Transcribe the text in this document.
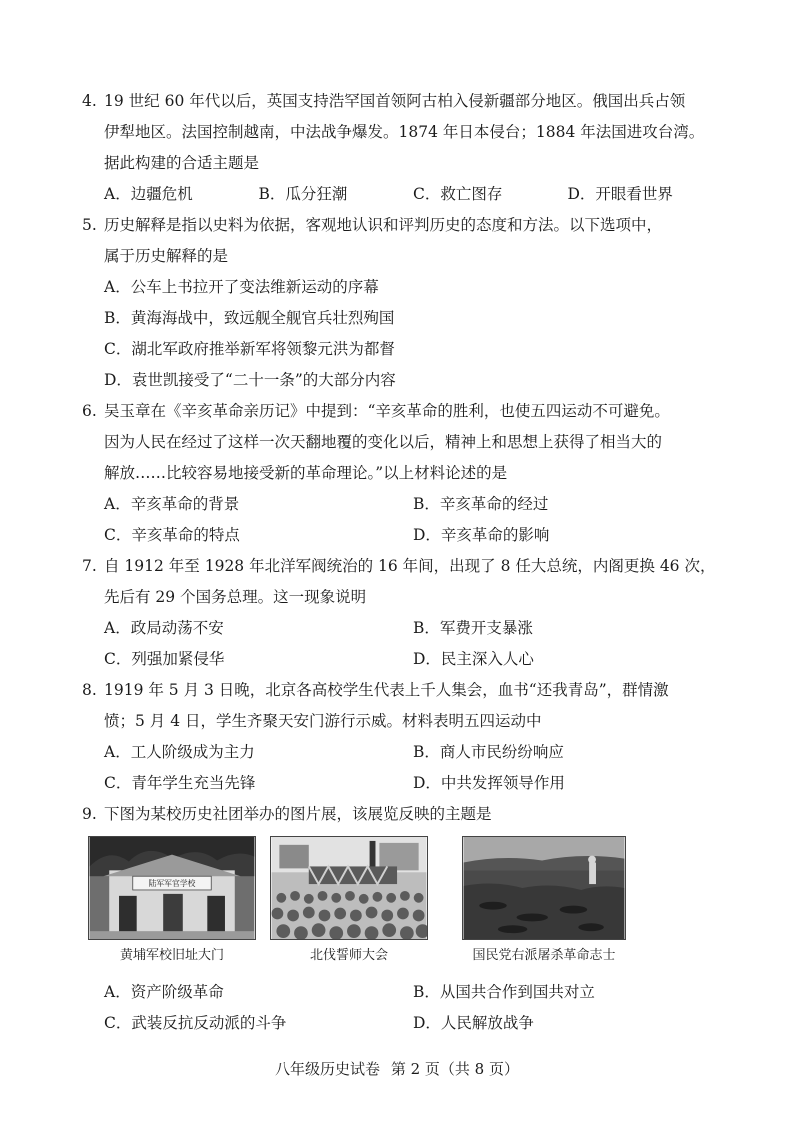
4. 19 世纪 60 年代以后，英国支持浩罕国首领阿古柏入侵新疆部分地区。俄国出兵占领
伊犁地区。法国控制越南，中法战争爆发。1874 年日本侵台；1884 年法国进攻台湾。
据此构建的合适主题是
A．边疆危机	B．瓜分狂潮	C．救亡图存	D．开眼看世界
5. 历史解释是指以史料为依据，客观地认识和评判历史的态度和方法。以下选项中，
属于历史解释的是
A．公车上书拉开了变法维新运动的序幕
B．黄海海战中，致远舰全舰官兵壮烈殉国
C．湖北军政府推举新军将领黎元洪为都督
D．袁世凯接受了“二十一条”的大部分内容
6. 吴玉章在《辛亥革命亲历记》中提到：“辛亥革命的胜利，也使五四运动不可避免。
因为人民在经过了这样一次天翻地覆的变化以后，精神上和思想上获得了相当大的
解放……比较容易地接受新的革命理论。”以上材料论述的是
A．辛亥革命的背景	B．辛亥革命的经过
C．辛亥革命的特点	D．辛亥革命的影响
7. 自 1912 年至 1928 年北洋军阀统治的 16 年间，出现了 8 任大总统，内阁更换 46 次，
先后有 29 个国务总理。这一现象说明
A．政局动荡不安	B．军费开支暴涨
C．列强加紧侵华	D．民主深入人心
8. 1919 年 5 月 3 日晚，北京各高校学生代表上千人集会，血书“还我青岛”，群情激
愤；5 月 4 日，学生齐聚天安门游行示威。材料表明五四运动中
A．工人阶级成为主力	B．商人市民纷纷响应
C．青年学生充当先锋	D．中共发挥领导作用
9. 下图为某校历史社团举办的图片展，该展览反映的主题是
陆军军官学校
黄埔军校旧址大门	北伐誓师大会	国民党右派屠杀革命志士
A．资产阶级革命	B．从国共合作到国共对立
C．武装反抗反动派的斗争	D．人民解放战争
八年级历史试卷 第 2 页（共 8 页）
